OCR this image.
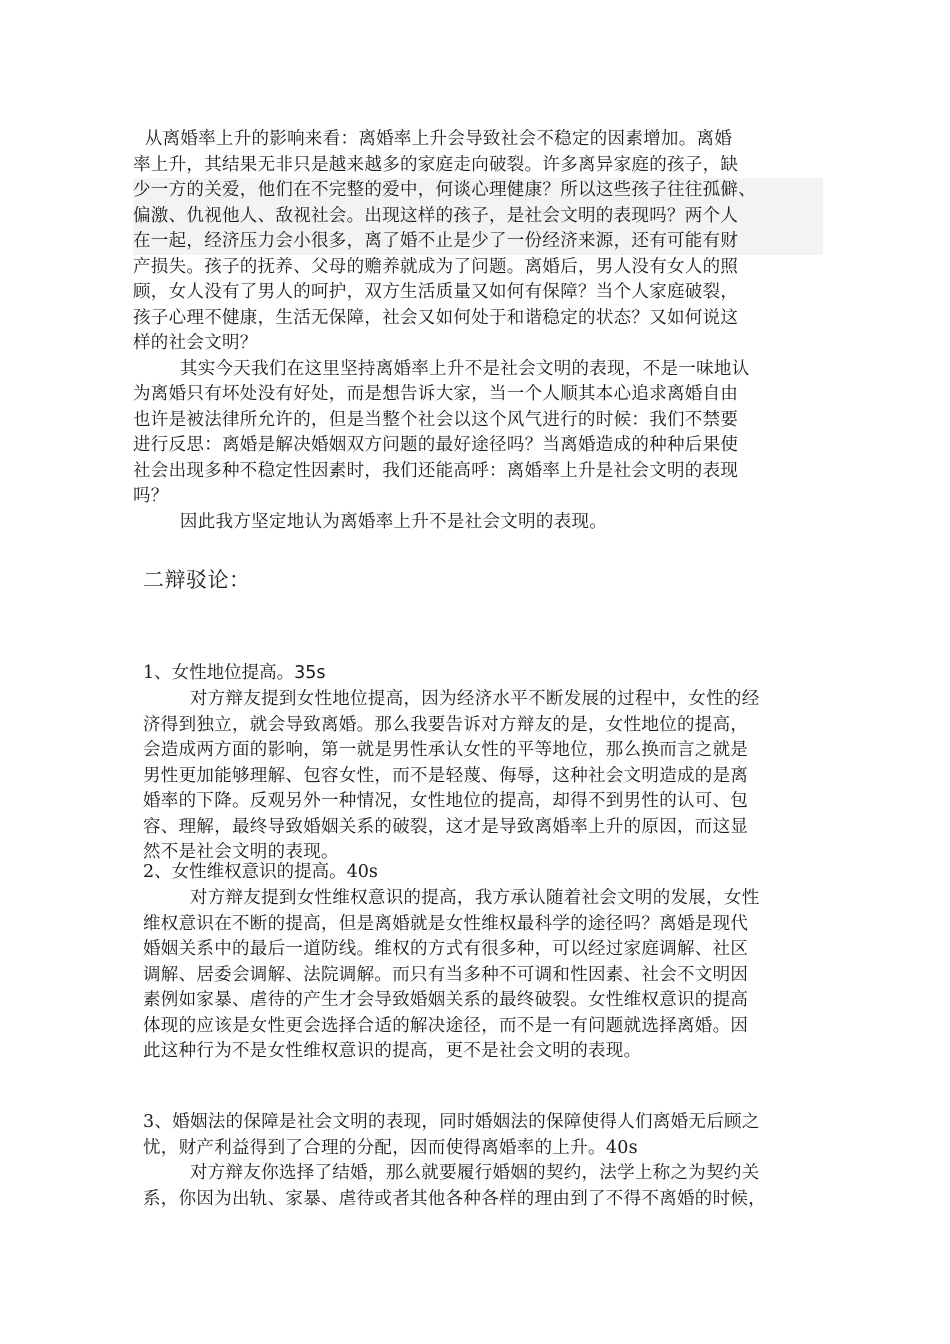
从离婚率上升的影响来看：离婚率上升会导致社会不稳定的因素增加。离婚
率上升，其结果无非只是越来越多的家庭走向破裂。许多离异家庭的孩子，缺
少一方的关爱，他们在不完整的爱中，何谈心理健康？所以这些孩子往往孤僻、
偏激、仇视他人、敌视社会。出现这样的孩子，是社会文明的表现吗？两个人
在一起，经济压力会小很多，离了婚不止是少了一份经济来源，还有可能有财
产损失。孩子的抚养、父母的赡养就成为了问题。离婚后，男人没有女人的照
顾，女人没有了男人的呵护，双方生活质量又如何有保障？当个人家庭破裂，
孩子心理不健康，生活无保障，社会又如何处于和谐稳定的状态？又如何说这
样的社会文明？
其实今天我们在这里坚持离婚率上升不是社会文明的表现，不是一味地认
为离婚只有坏处没有好处，而是想告诉大家，当一个人顺其本心追求离婚自由
也许是被法律所允许的，但是当整个社会以这个风气进行的时候：我们不禁要
进行反思：离婚是解决婚姻双方问题的最好途径吗？当离婚造成的种种后果使
社会出现多种不稳定性因素时，我们还能高呼：离婚率上升是社会文明的表现
吗？
因此我方坚定地认为离婚率上升不是社会文明的表现。
二辩驳论：
1、女性地位提高。35s
对方辩友提到女性地位提高，因为经济水平不断发展的过程中，女性的经
济得到独立，就会导致离婚。那么我要告诉对方辩友的是，女性地位的提高，
会造成两方面的影响，第一就是男性承认女性的平等地位，那么换而言之就是
男性更加能够理解、包容女性，而不是轻蔑、侮辱，这种社会文明造成的是离
婚率的下降。反观另外一种情况，女性地位的提高，却得不到男性的认可、包
容、理解，最终导致婚姻关系的破裂，这才是导致离婚率上升的原因，而这显
然不是社会文明的表现。
2、女性维权意识的提高。40s
对方辩友提到女性维权意识的提高，我方承认随着社会文明的发展，女性
维权意识在不断的提高，但是离婚就是女性维权最科学的途径吗？离婚是现代
婚姻关系中的最后一道防线。维权的方式有很多种，可以经过家庭调解、社区
调解、居委会调解、法院调解。而只有当多种不可调和性因素、社会不文明因
素例如家暴、虐待的产生才会导致婚姻关系的最终破裂。女性维权意识的提高
体现的应该是女性更会选择合适的解决途径，而不是一有问题就选择离婚。因
此这种行为不是女性维权意识的提高，更不是社会文明的表现。
3、婚姻法的保障是社会文明的表现，同时婚姻法的保障使得人们离婚无后顾之
忧，财产利益得到了合理的分配，因而使得离婚率的上升。40s
对方辩友你选择了结婚，那么就要履行婚姻的契约，法学上称之为契约关
系，你因为出轨、家暴、虐待或者其他各种各样的理由到了不得不离婚的时候，
